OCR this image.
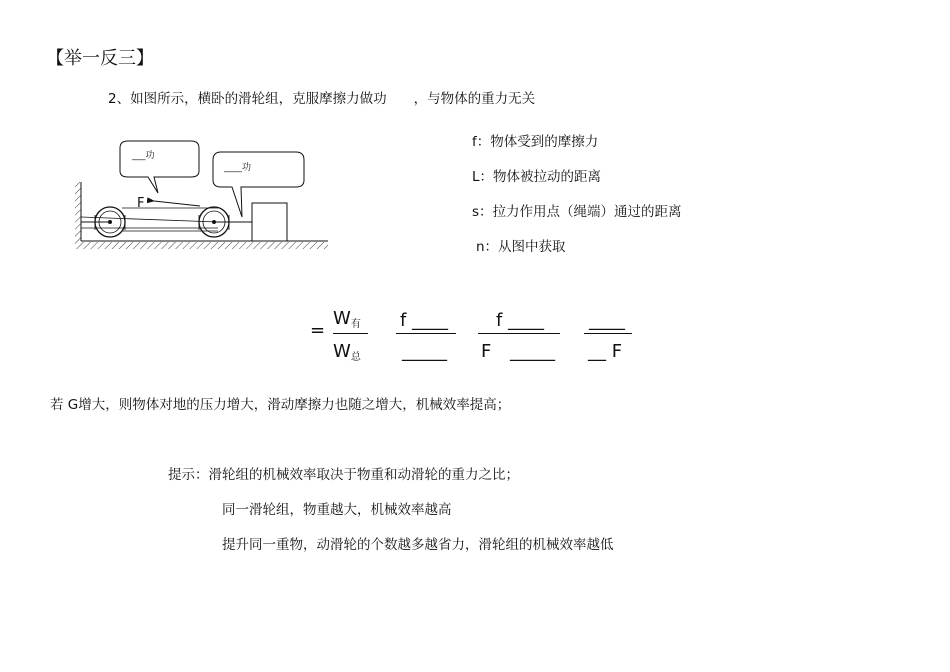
【举一反三】
2、如图所示，横卧的滑轮组，克服摩擦力做功　　，与物体的重力无关
F
___功
____功
f：物体受到的摩擦力
L：物体被拉动的距离
s：拉力作用点（绳端）通过的距离
n：从图中获取
=
$W_有$
$W_总$
f ____
_____
f ____
F _____
____
__ F
若 G增大，则物体对地的压力增大，滑动摩擦力也随之增大，机械效率提高；
提示：滑轮组的机械效率取决于物重和动滑轮的重力之比；
同一滑轮组，物重越大，机械效率越高
提升同一重物，动滑轮的个数越多越省力，滑轮组的机械效率越低
